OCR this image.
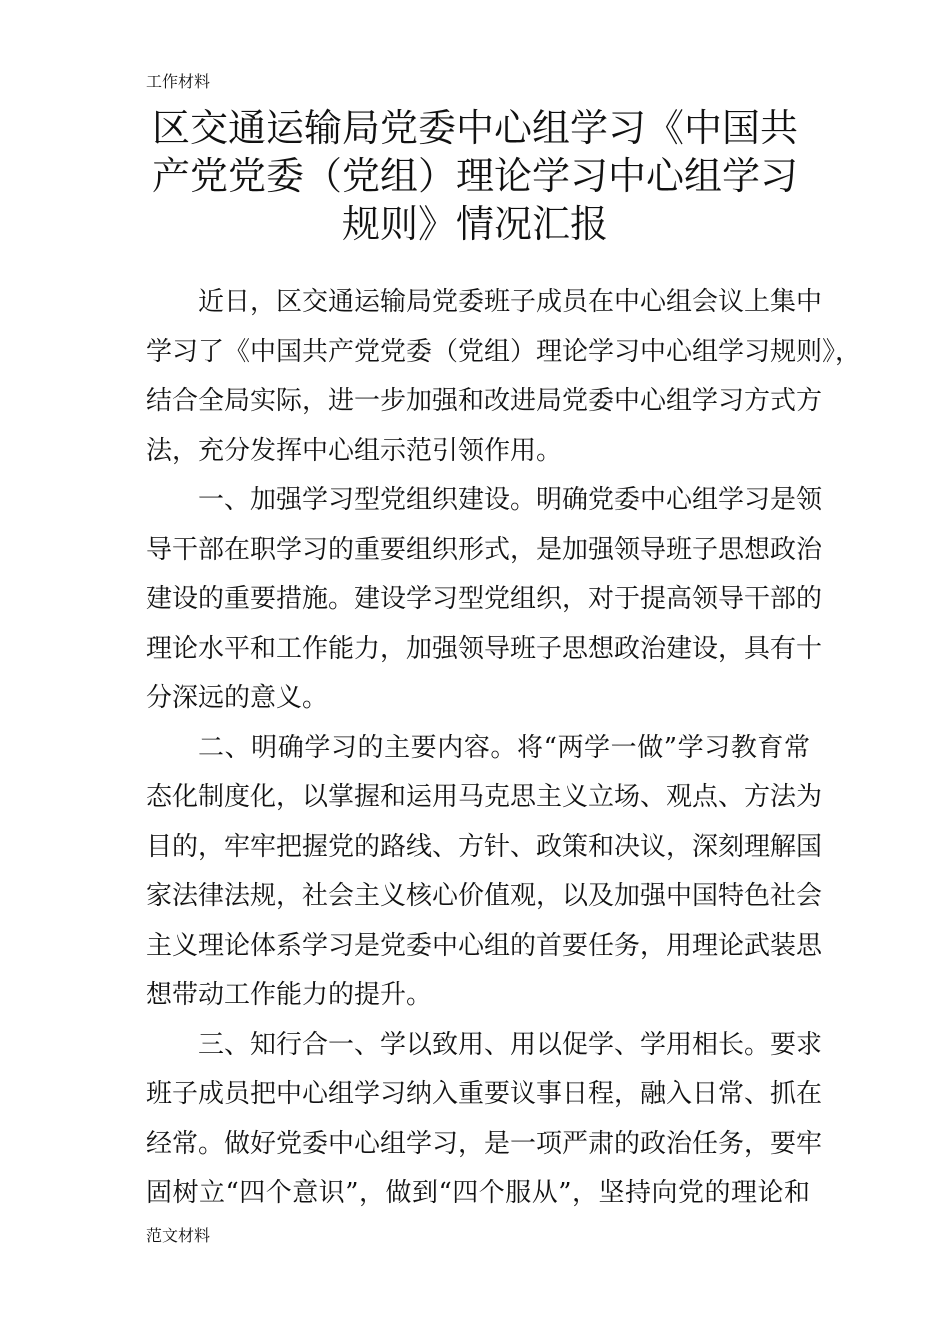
工作材料
区交通运输局党委中心组学习《中国共
产党党委（党组）理论学习中心组学习
规则》情况汇报

近日，区交通运输局党委班子成员在中心组会议上集中
学习了《中国共产党党委（党组）理论学习中心组学习规则》，
结合全局实际，进一步加强和改进局党委中心组学习方式方
法，充分发挥中心组示范引领作用。

一、加强学习型党组织建设。明确党委中心组学习是领
导干部在职学习的重要组织形式，是加强领导班子思想政治
建设的重要措施。建设学习型党组织，对于提高领导干部的
理论水平和工作能力，加强领导班子思想政治建设，具有十
分深远的意义。

二、明确学习的主要内容。将“两学一做”学习教育常
态化制度化，以掌握和运用马克思主义立场、观点、方法为
目的，牢牢把握党的路线、方针、政策和决议，深刻理解国
家法律法规，社会主义核心价值观，以及加强中国特色社会
主义理论体系学习是党委中心组的首要任务，用理论武装思
想带动工作能力的提升。

三、知行合一、学以致用、用以促学、学用相长。要求
班子成员把中心组学习纳入重要议事日程，融入日常、抓在
经常。做好党委中心组学习，是一项严肃的政治任务，要牢
固树立“四个意识”，做到“四个服从”，坚持向党的理论和

范文材料
